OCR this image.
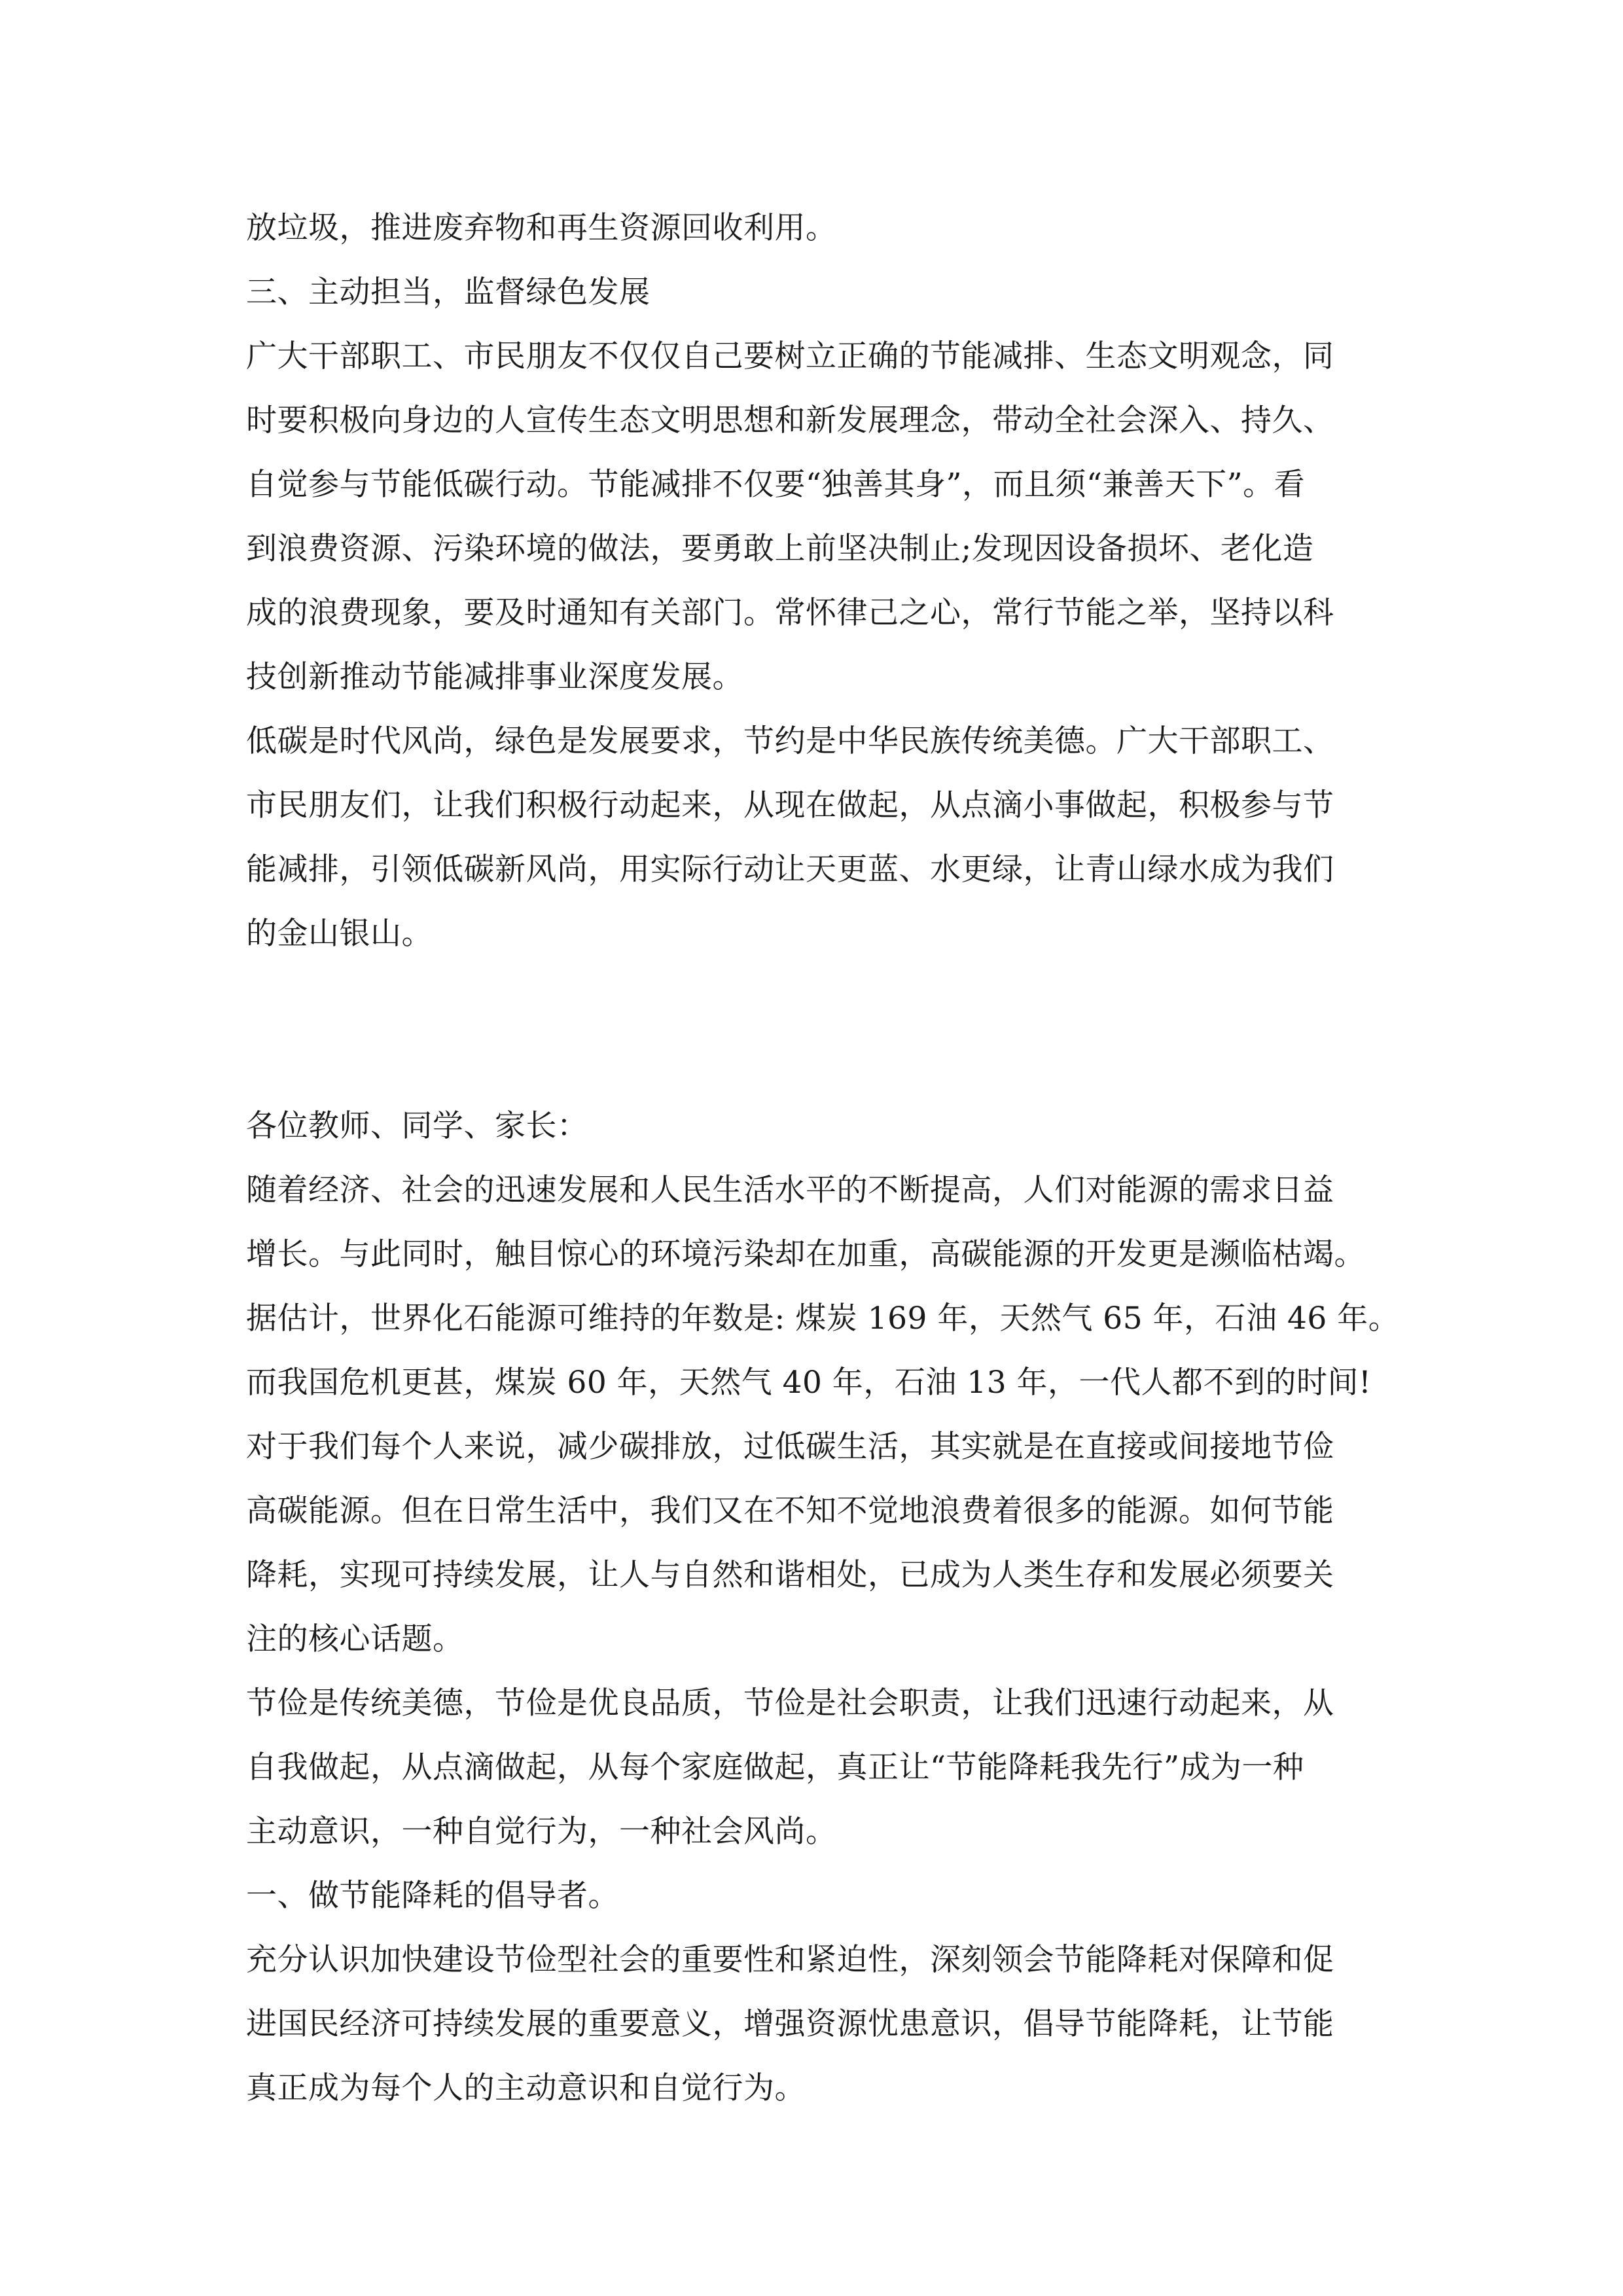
放垃圾，推进废弃物和再生资源回收利用。
三、主动担当，监督绿色发展
广大干部职工、市民朋友不仅仅自己要树立正确的节能减排、生态文明观念，同
时要积极向身边的人宣传生态文明思想和新发展理念，带动全社会深入、持久、
自觉参与节能低碳行动。节能减排不仅要“独善其身”，而且须“兼善天下”。看
到浪费资源、污染环境的做法，要勇敢上前坚决制止;发现因设备损坏、老化造
成的浪费现象，要及时通知有关部门。常怀律己之心，常行节能之举，坚持以科
技创新推动节能减排事业深度发展。
低碳是时代风尚，绿色是发展要求，节约是中华民族传统美德。广大干部职工、
市民朋友们，让我们积极行动起来，从现在做起，从点滴小事做起，积极参与节
能减排，引领低碳新风尚，用实际行动让天更蓝、水更绿，让青山绿水成为我们
的金山银山。
各位教师、同学、家长：
随着经济、社会的迅速发展和人民生活水平的不断提高，人们对能源的需求日益
增长。与此同时，触目惊心的环境污染却在加重，高碳能源的开发更是濒临枯竭。
据估计，世界化石能源可维持的年数是: 煤炭 169 年，天然气 65 年，石油 46 年。
而我国危机更甚，煤炭 60 年，天然气 40 年，石油 13 年，一代人都不到的时间!
对于我们每个人来说，减少碳排放，过低碳生活，其实就是在直接或间接地节俭
高碳能源。但在日常生活中，我们又在不知不觉地浪费着很多的能源。如何节能
降耗，实现可持续发展，让人与自然和谐相处，已成为人类生存和发展必须要关
注的核心话题。
节俭是传统美德，节俭是优良品质，节俭是社会职责，让我们迅速行动起来，从
自我做起，从点滴做起，从每个家庭做起，真正让“节能降耗我先行”成为一种
主动意识，一种自觉行为，一种社会风尚。
一、做节能降耗的倡导者。
充分认识加快建设节俭型社会的重要性和紧迫性，深刻领会节能降耗对保障和促
进国民经济可持续发展的重要意义，增强资源忧患意识，倡导节能降耗，让节能
真正成为每个人的主动意识和自觉行为。
